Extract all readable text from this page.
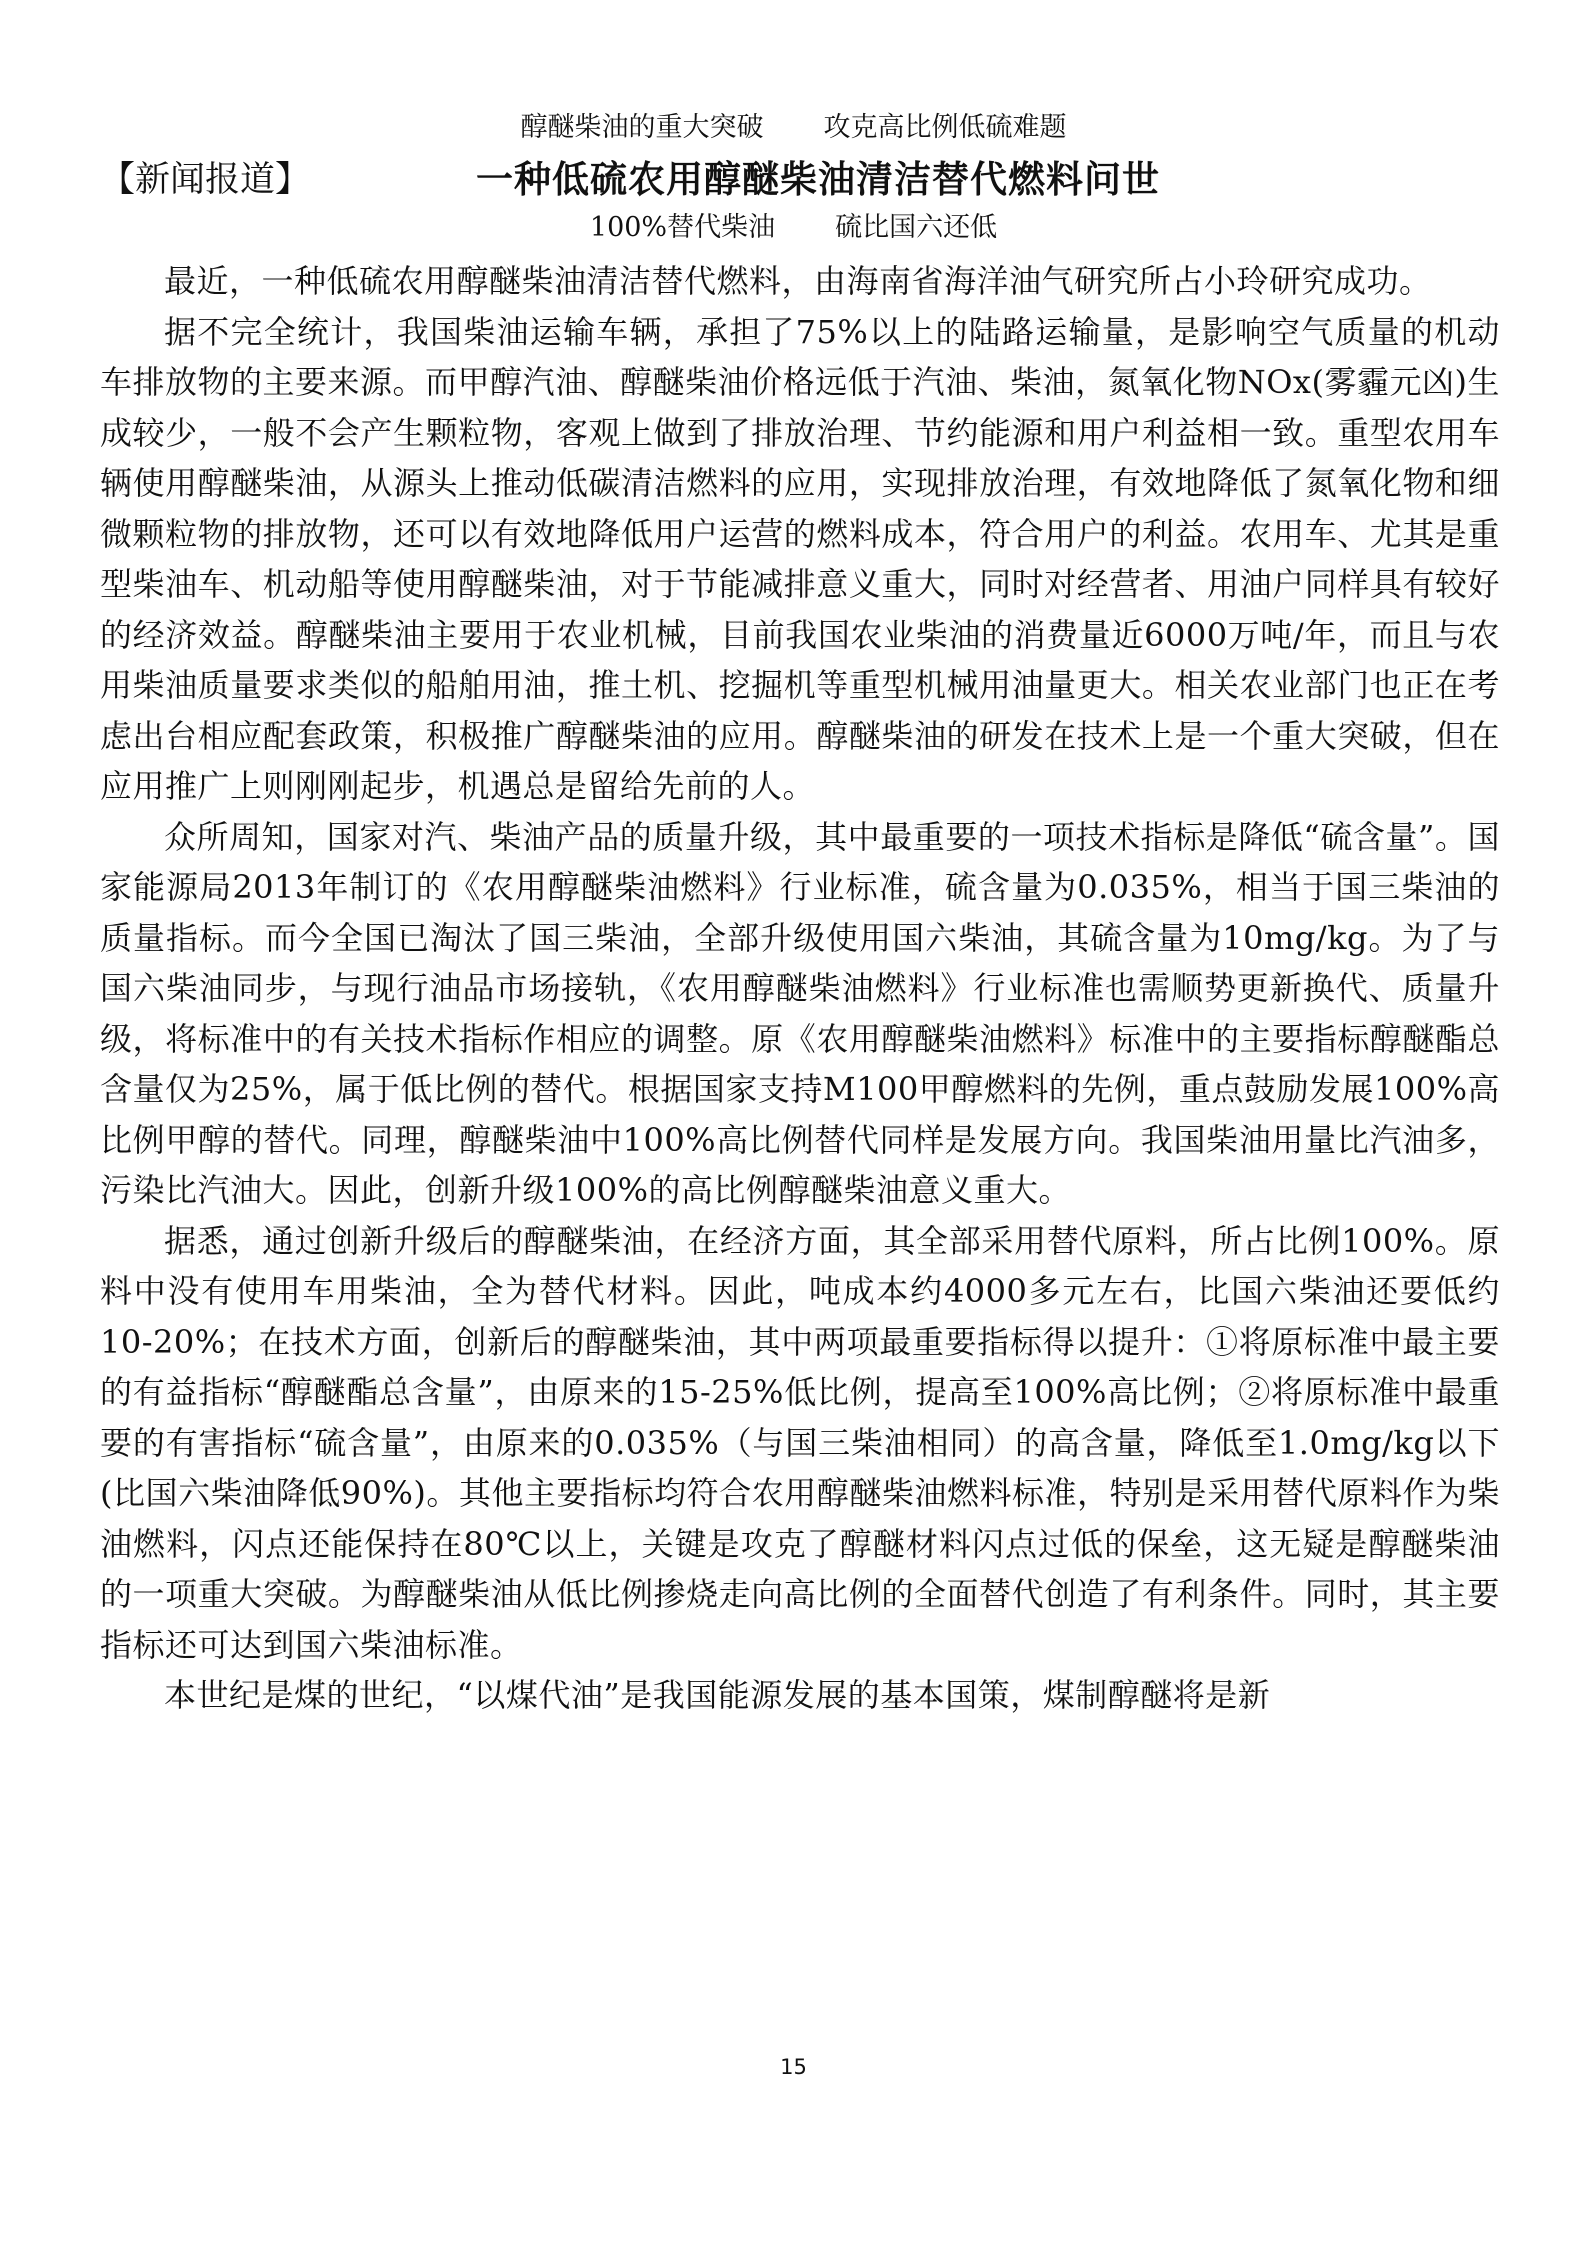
醇醚柴油的重大突破 攻克高比例低硫难题
【新闻报道】	一种低硫农用醇醚柴油清洁替代燃料问世
100%替代柴油 硫比国六还低

最近，一种低硫农用醇醚柴油清洁替代燃料，由海南省海洋油气研究所占小玲研究成功。

据不完全统计，我国柴油运输车辆，承担了75%以上的陆路运输量，是影响空气质量的机动车排放物的主要来源。而甲醇汽油、醇醚柴油价格远低于汽油、柴油，氮氧化物NOx(雾霾元凶)生成较少，一般不会产生颗粒物，客观上做到了排放治理、节约能源和用户利益相一致。重型农用车辆使用醇醚柴油，从源头上推动低碳清洁燃料的应用，实现排放治理，有效地降低了氮氧化物和细微颗粒物的排放物，还可以有效地降低用户运营的燃料成本，符合用户的利益。农用车、尤其是重型柴油车、机动船等使用醇醚柴油，对于节能减排意义重大，同时对经营者、用油户同样具有较好的经济效益。醇醚柴油主要用于农业机械，目前我国农业柴油的消费量近6000万吨/年，而且与农用柴油质量要求类似的船舶用油，推土机、挖掘机等重型机械用油量更大。相关农业部门也正在考虑出台相应配套政策，积极推广醇醚柴油的应用。醇醚柴油的研发在技术上是一个重大突破，但在应用推广上则刚刚起步，机遇总是留给先前的人。

众所周知，国家对汽、柴油产品的质量升级，其中最重要的一项技术指标是降低“硫含量”。国家能源局2013年制订的《农用醇醚柴油燃料》行业标准，硫含量为0.035%，相当于国三柴油的质量指标。而今全国已淘汰了国三柴油，全部升级使用国六柴油，其硫含量为10mg/kg。为了与国六柴油同步，与现行油品市场接轨，《农用醇醚柴油燃料》行业标准也需顺势更新换代、质量升级，将标准中的有关技术指标作相应的调整。原《农用醇醚柴油燃料》标准中的主要指标醇醚酯总含量仅为25%，属于低比例的替代。根据国家支持M100甲醇燃料的先例，重点鼓励发展100%高比例甲醇的替代。同理，醇醚柴油中100%高比例替代同样是发展方向。我国柴油用量比汽油多，污染比汽油大。因此，创新升级100%的高比例醇醚柴油意义重大。

据悉，通过创新升级后的醇醚柴油，在经济方面，其全部采用替代原料，所占比例100%。原料中没有使用车用柴油，全为替代材料。因此，吨成本约4000多元左右，比国六柴油还要低约10-20%；在技术方面，创新后的醇醚柴油，其中两项最重要指标得以提升：①将原标准中最主要的有益指标“醇醚酯总含量”，由原来的15-25%低比例，提高至100%高比例；②将原标准中最重要的有害指标“硫含量”，由原来的0.035%（与国三柴油相同）的高含量，降低至1.0mg/kg以下(比国六柴油降低90%)。其他主要指标均符合农用醇醚柴油燃料标准，特别是采用替代原料作为柴油燃料，闪点还能保持在80℃以上，关键是攻克了醇醚材料闪点过低的保垒，这无疑是醇醚柴油的一项重大突破。为醇醚柴油从低比例掺烧走向高比例的全面替代创造了有利条件。同时，其主要指标还可达到国六柴油标准。

本世纪是煤的世纪，“以煤代油”是我国能源发展的基本国策，煤制醇醚将是新

15
